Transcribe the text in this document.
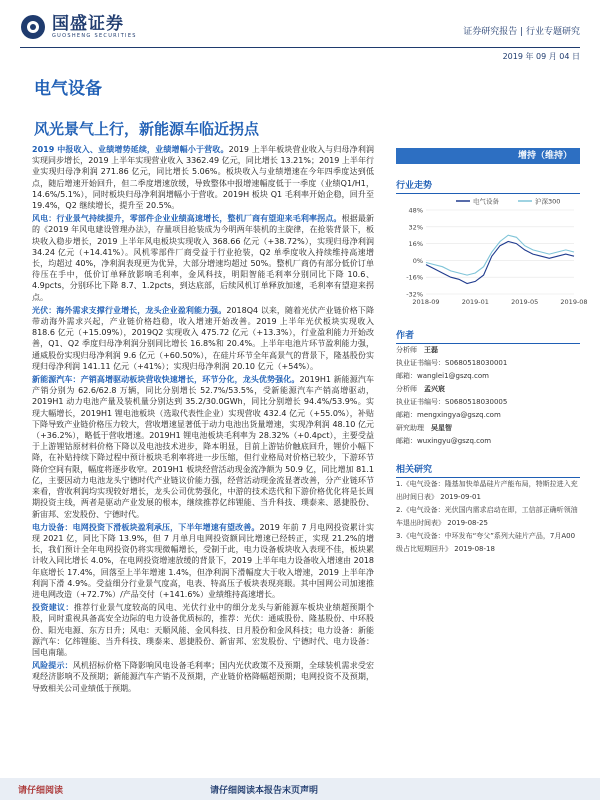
国盛证券
GUOSHENG SECURITIES	证券研究报告 | 行业专题研究
2019 年 09 月 04 日
电气设备
风光景气上行，新能源车临近拐点

2019 中报收入、业绩增势延续，业绩增幅小于营收。2019 上半年板块营业收入与归母净利润实现同步增长，2019 上半年实现营业收入 3362.49 亿元，同比增长 13.21%；2019 上半年行业实现归母净利润 271.86 亿元，同比增长 5.06%。板块收入与业绩增速在今年四季度达到低点，随后增速开始回升，但二季度增速放缓，导致整体中报增速幅度低于一季度（业绩Q1/H1，14.6%/5.1%），同时板块归母净利润增幅小于营收。2019H 板块 Q1 毛利率开始企稳，回升至 19.4%，Q2 继续增长，提升至 20.5%。

风电：行业景气持续提升，零部件企业业绩高速增长，整机厂商有望迎来毛利率拐点。根据最新的《2019 年风电建设管理办法》，存量项目抢装成为今明两年装机的主旋律，在抢装背景下，板块收入稳步增长，2019 上半年风电板块实现收入 368.66 亿元（+38.72%），实现归母净利润 34.24 亿元（+14.41%）。风机零部件厂商受益于行业抢装，Q2 单季度收入持续维持高速增长，均超过 40%，净利润表现更为优异，大部分增速均超过 50%。整机厂商仍有部分低价订单待压在手中，低价订单释放影响毛利率，金风科技，明阳智能毛利率分别同比下降 10.6、4.9pcts，分别环比下降 8.7、1.2pcts，到达底部，后续风机订单释放加速，毛利率有望迎来拐点。

光伏：海外需求支撑行业增长，龙头企业盈利能力强。2018Q4 以来，随着光伏产业链价格下降带动海外需求兴起，产业链价格趋稳，收入增速开始改善。2019 上半年光伏板块实现收入 818.6 亿元（+15.09%），2019Q2 实现收入 475.72 亿元（+13.3%），行业盈利能力开始改善，Q1、Q2 季度归母净利润分别同比增长 16.8%和 20.4%。上半年电池片环节盈利能力强，通威股份实现归母净利润 9.6 亿元（+60.50%），在硅片环节全年高景气的背景下，隆基股份实现归母净利润 141.11 亿元（+41%）；实现归母净利润 20.10 亿元（+54%）。

新能源汽车：产销高增驱动板块营收快速增长，环节分化，龙头优势强化。2019H1 新能源汽车产销分别为 62.6/62.8 万辆，同比分别增长 52.7%/53.5%，受新能源汽车产销高增驱动，2019H1 动力电池产量及装机量分别达到 35.2/30.0GWh，同比分别增长 94.4%/53.9%。实现大幅增长，2019H1 锂电池板块（选取代表性企业）实现营收 432.4 亿元（+55.0%），补贴下降导致产业链价格压力较大，营收增速显著低于动力电池出货量增速，实现净利润 48.10 亿元（+36.2%），略低于营收增速。2019H1 锂电池板块毛利率为 28.32%（+0.4pct），主要受益于上游锂钴原材料价格下降以及电池技术进步，降本明显，目前上游钴价触底回升，锂价小幅下降，在补贴持续下降过程中预计板块毛利率将进一步压缩，但行业格局对价格已较少，下游环节降价空间有限，幅度将逐步收窄。2019H1 板块经营活动现金流净额为 50.9 亿，同比增加 81.1 亿，主要因动力电池龙头宁德时代产业链议价能力强，经营活动现金流显著改善，分产业链环节来看，营收利润均实现较好增长，龙头公司优势强化，中游的技术迭代和下游价格优化将是长周期投资主线，两者是驱动产业发展的根本，继续推荐亿纬锂能、当升科技、璞泰来、恩捷股份、新宙邦、宏发股份、宁德时代。

电力设备：电网投资下滑板块盈利承压，下半年增速有望改善。2019 年前 7 月电网投资累计实现 2021 亿，同比下降 13.9%，但 7 月单月电网投资额同比增速已经转正，实现 21.2%的增长，我们预计全年电网投资仍将实现微幅增长，受制于此，电力设备板块收入表现不佳，板块累计收入同比增长 4.0%，在电网投资增速放缓的背景下，2019 上半年电力设备收入增速由 2018 年底增长 17.4%，回落至上半年增速 1.4%，但净利润下滑幅度大于收入增速，2019 上半年净利润下滑 4.9%。受益细分行业景气度高，电表、特高压子板块表现亮眼。其中国网公司加速推进电网改造（+72.7%）/产品交付（+141.6%）业绩维持高速增长。

投资建议：推荐行业景气度较高的风电、光伏行业中的细分龙头与新能源车板块业绩超预期个股，同时重视具备高安全边际的电力设备优质标的，推荐：光伏：通威股份、隆基股份、中环股份、阳光电源、东方日升；风电：天顺风能、金风科技、日月股份和金风科技；电力设备：新能源汽车：亿纬锂能、当升科技、璞泰来、恩捷股份、新宙邦、宏发股份、宁德时代、电力设备：国电南瑞。

风险提示：风机招标价格下降影响风电设备毛利率；国内光伏政策不及预期，全球装机需求受宏观经济影响不及预期；新能源汽车产销不及预期，产业链价格降幅超预期；电网投资不及预期，导致相关公司业绩低于预期。

增持（维持）
行业走势
48%
32%
16%
0%
-16%
-32%
2018-09	2019-01	2019-05	2019-08
电气设备	沪深300
作者
分析师　 王磊
执业证书编号：S0680518030001
邮箱：wanglei1@gszq.com
分析师　 孟兴宸
执业证书编号：S0680518030005
邮箱：mengxingya@gszq.com
研究助理　 吴星智
邮箱：wuxingyu@gszq.com
相关研究
1.《电气设备：隆基加快单晶硅片产能布局，特斯拉进入充出时间日表》 2019-09-01
2.《电气设备：光伏国内需求启动在即，工信部正确听领油车退出时间表》 2019-08-25
3.《电气设备：中环发布“夸父”系列大硅片产品，7月A00级占比短期回升》 2019-08-18
请仔细阅读	请仔细阅读本报告末页声明
